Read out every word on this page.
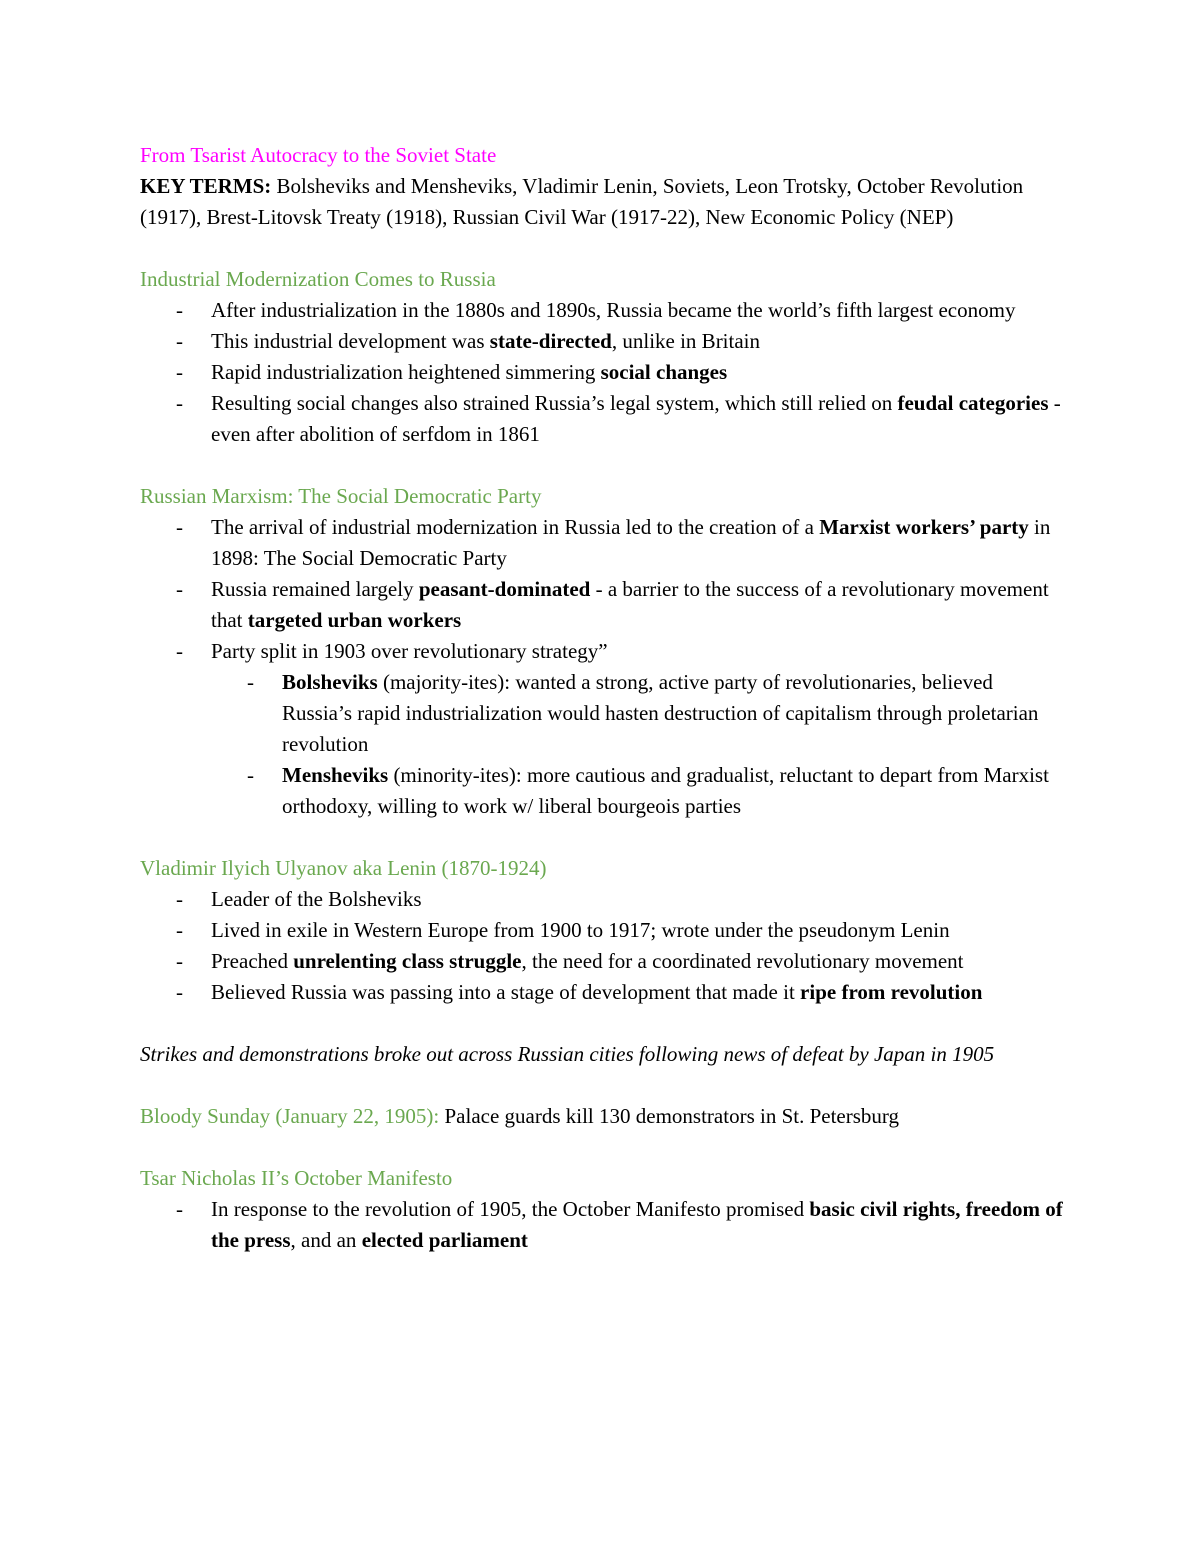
From Tsarist Autocracy to the Soviet State

KEY TERMS: Bolsheviks and Mensheviks, Vladimir Lenin, Soviets, Leon Trotsky, October Revolution (1917), Brest-Litovsk Treaty (1918), Russian Civil War (1917-22), New Economic Policy (NEP)

Industrial Modernization Comes to Russia

- After industrialization in the 1880s and 1890s, Russia became the world’s fifth largest economy
- This industrial development was state-directed, unlike in Britain
- Rapid industrialization heightened simmering social changes
- Resulting social changes also strained Russia’s legal system, which still relied on feudal categories - even after abolition of serfdom in 1861

Russian Marxism: The Social Democratic Party

- The arrival of industrial modernization in Russia led to the creation of a Marxist workers’ party in 1898: The Social Democratic Party
- Russia remained largely peasant-dominated - a barrier to the success of a revolutionary movement that targeted urban workers
- Party split in 1903 over revolutionary strategy”
- Bolsheviks (majority-ites): wanted a strong, active party of revolutionaries, believed Russia’s rapid industrialization would hasten destruction of capitalism through proletarian revolution
- Mensheviks (minority-ites): more cautious and gradualist, reluctant to depart from Marxist orthodoxy, willing to work w/ liberal bourgeois parties

Vladimir Ilyich Ulyanov aka Lenin (1870-1924)

- Leader of the Bolsheviks
- Lived in exile in Western Europe from 1900 to 1917; wrote under the pseudonym Lenin
- Preached unrelenting class struggle, the need for a coordinated revolutionary movement
- Believed Russia was passing into a stage of development that made it ripe from revolution

Strikes and demonstrations broke out across Russian cities following news of defeat by Japan in 1905

Bloody Sunday (January 22, 1905): Palace guards kill 130 demonstrators in St. Petersburg

Tsar Nicholas II’s October Manifesto

- In response to the revolution of 1905, the October Manifesto promised basic civil rights, freedom of the press, and an elected parliament
